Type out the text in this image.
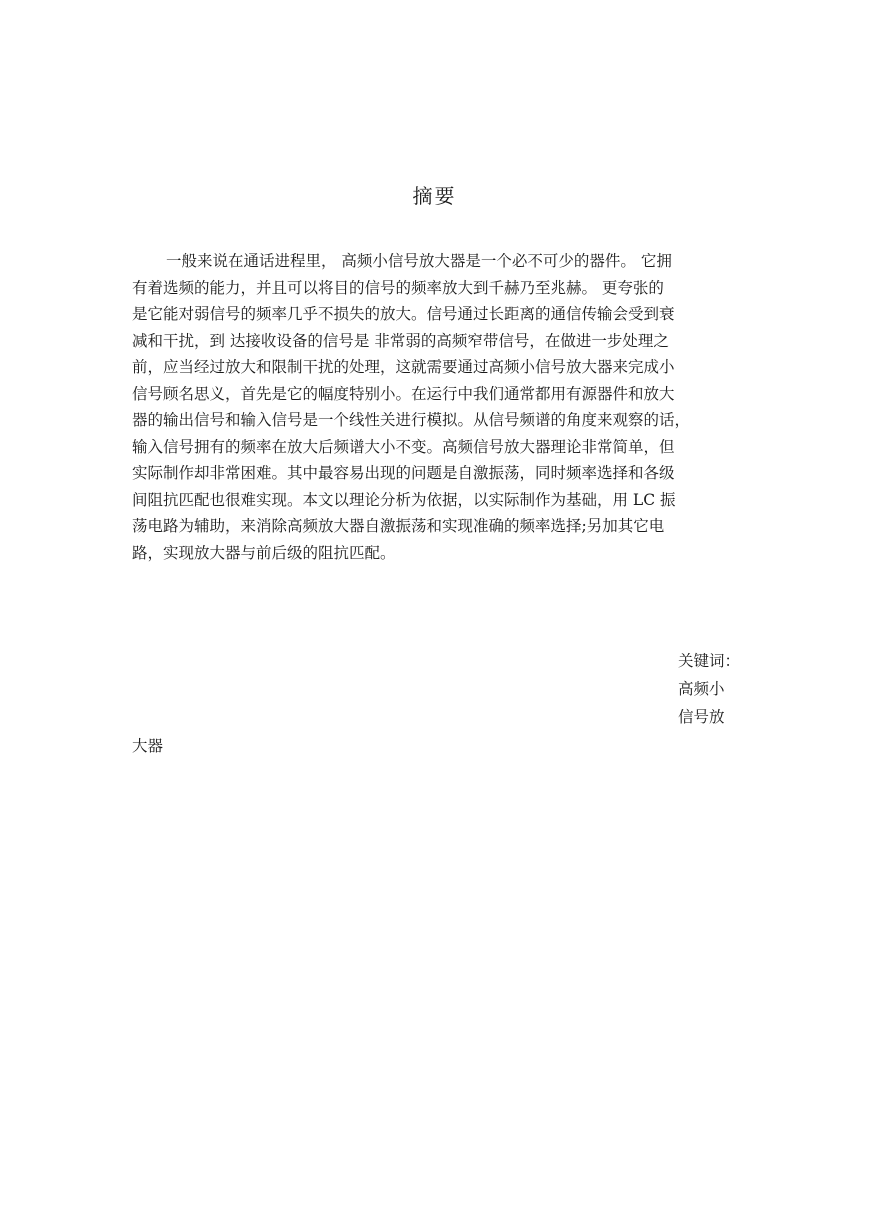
摘要
一般来说在通话进程里， 高频小信号放大器是一个必不可少的器件。 它拥
有着选频的能力，并且可以将目的信号的频率放大到千赫乃至兆赫。 更夸张的
是它能对弱信号的频率几乎不损失的放大。信号通过长距离的通信传输会受到衰
减和干扰，到 达接收设备的信号是 非常弱的高频窄带信号，在做进一步处理之
前，应当经过放大和限制干扰的处理，这就需要通过高频小信号放大器来完成小
信号顾名思义，首先是它的幅度特别小。在运行中我们通常都用有源器件和放大
器的输出信号和输入信号是一个线性关进行模拟。从信号频谱的角度来观察的话，
输入信号拥有的频率在放大后频谱大小不变。高频信号放大器理论非常简单，但
实际制作却非常困难。其中最容易出现的问题是自激振荡，同时频率选择和各级
间阻抗匹配也很难实现。本文以理论分析为依据，以实际制作为基础，用 LC 振
荡电路为辅助，来消除高频放大器自激振荡和实现准确的频率选择;另加其它电
路，实现放大器与前后级的阻抗匹配。
关键词：
高频小
信号放
大器
